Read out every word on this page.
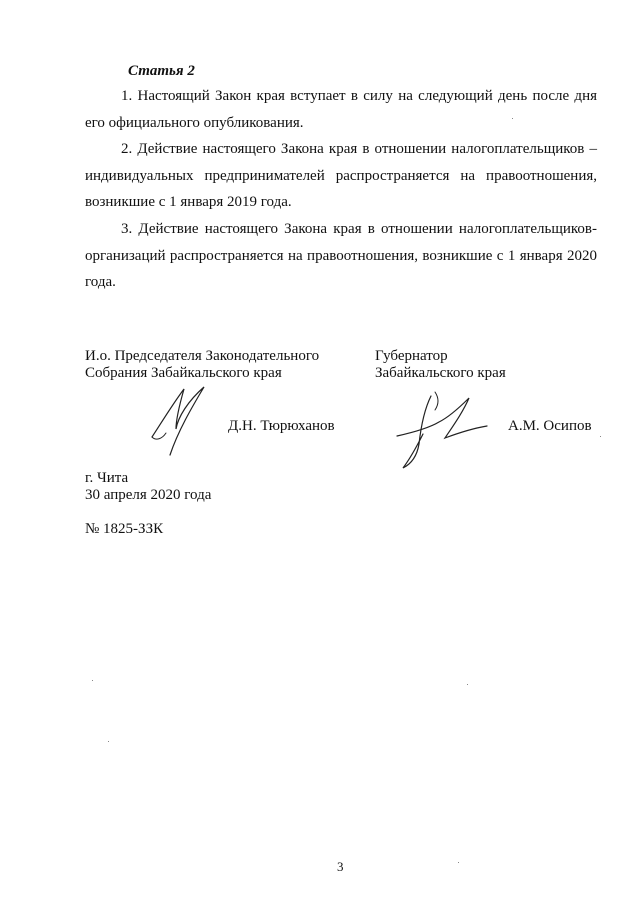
Статья 2
1. Настоящий Закон края вступает в силу на следующий день после дня его официального опубликования.
2. Действие настоящего Закона края в отношении налогоплательщиков – индивидуальных предпринимателей распространяется на правоотношения, возникшие с 1 января 2019 года.
3. Действие настоящего Закона края в отношении налогоплательщиков-организаций распространяется на правоотношения, возникшие с 1 января 2020 года.
И.о. Председателя Законодательного
Собрания Забайкальского края
Губернатор
Забайкальского края
Д.Н. Тюрюханов	А.М. Осипов
г. Чита
30 апреля 2020 года
№ 1825-ЗЗК
3
